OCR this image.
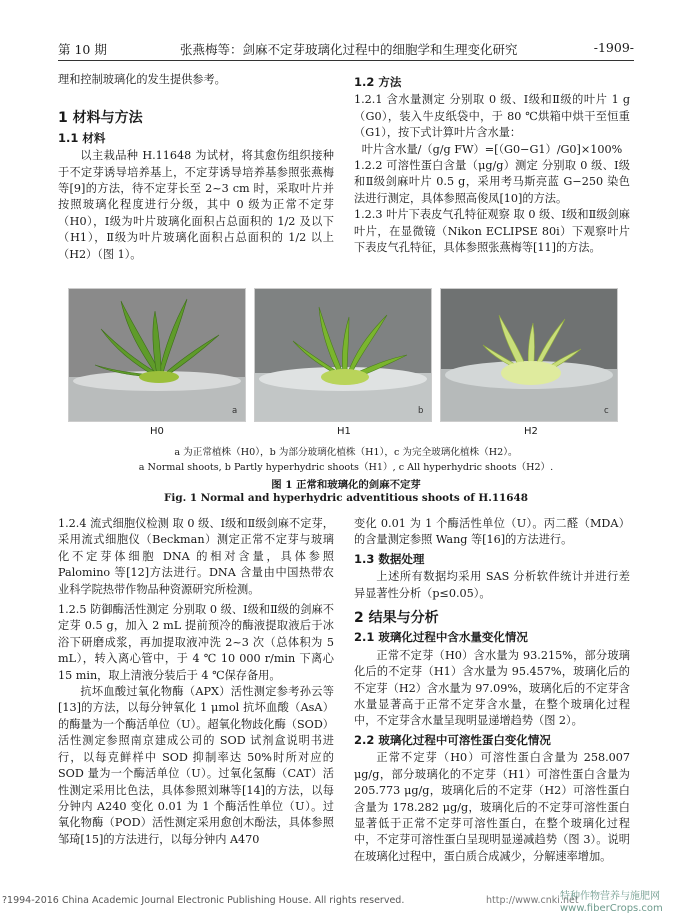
第 10 期	张燕梅等：剑麻不定芽玻璃化过程中的细胞学和生理变化研究	-1909-

理和控制玻璃化的发生提供参考。

1 材料与方法
1.1 材料

以主栽品种 H.11648 为试材，将其愈伤组织接种于不定芽诱导培养基上，不定芽诱导培养基参照张燕梅等[9]的方法，待不定芽长至 2~3 cm 时，采取叶片并按照玻璃化程度进行分级，其中 0 级为正常不定芽（H0），Ⅰ级为叶片玻璃化面积占总面积的 1/2 及以下（H1），Ⅱ级为叶片玻璃化面积占总面积的 1/2 以上（H2）（图 1）。

1.2 方法

1.2.1 含水量测定 分别取 0 级、Ⅰ级和Ⅱ级的叶片 1 g（G0），装入牛皮纸袋中，于 80 ℃烘箱中烘干至恒重（G1），按下式计算叶片含水量：

叶片含水量/（g/g FW）=[（G0−G1）/G0]×100%

1.2.2 可溶性蛋白含量（μg/g）测定 分别取 0 级、Ⅰ级和Ⅱ级剑麻叶片 0.5 g，采用考马斯亮蓝 G−250 染色法进行测定，具体参照高俊凤[10]的方法。

1.2.3 叶片下表皮气孔特征观察 取 0 级、Ⅰ级和Ⅱ级剑麻叶片，在显微镜（Nikon ECLIPSE 80i）下观察叶片下表皮气孔特征，具体参照张燕梅等[11]的方法。

a	b	c
H0	H1	H2
a 为正常植株（H0），b 为部分玻璃化植株（H1），c 为完全玻璃化植株（H2）。
a Normal shoots, b Partly hyperhydric shoots（H1）, c All hyperhydric shoots（H2）.
图 1 正常和玻璃化的剑麻不定芽
Fig. 1 Normal and hyperhydric adventitious shoots of H.11648

1.2.4 流式细胞仪检测 取 0 级、Ⅰ级和Ⅱ级剑麻不定芽，采用流式细胞仪（Beckman）测定正常不定芽与玻璃化不定芽体细胞 DNA 的相对含量，具体参照 Palomino 等[12]方法进行。DNA 含量由中国热带农业科学院热带作物品种资源研究所检测。

1.2.5 防御酶活性测定 分别取 0 级、Ⅰ级和Ⅱ级的剑麻不定芽 0.5 g，加入 2 mL 提前预冷的酶液提取液后于冰浴下研磨成浆，再加提取液冲洗 2~3 次（总体积为 5 mL），转入离心管中，于 4 ℃ 10 000 r/min 下离心 15 min，取上清液分装后于 4 ℃保存备用。

抗坏血酸过氧化物酶（APX）活性测定参考孙云等[13]的方法，以每分钟氧化 1 μmol 抗坏血酸（AsA）的酶量为一个酶活单位（U）。超氧化物歧化酶（SOD）活性测定参照南京建成公司的 SOD 试剂盒说明书进行，以每克鲜样中 SOD 抑制率达 50%时所对应的 SOD 量为一个酶活单位（U）。过氧化氢酶（CAT）活性测定采用比色法，具体参照刘琳等[14]的方法，以每分钟内 A240 变化 0.01 为 1 个酶活性单位（U）。过氧化物酶（POD）活性测定采用愈创木酚法，具体参照邹琦[15]的方法进行，以每分钟内 A470

变化 0.01 为 1 个酶活性单位（U）。丙二醛（MDA）的含量测定参照 Wang 等[16]的方法进行。

1.3 数据处理

上述所有数据均采用 SAS 分析软件统计并进行差异显著性分析（p≤0.05）。

2 结果与分析
2.1 玻璃化过程中含水量变化情况

正常不定芽（H0）含水量为 93.215%，部分玻璃化后的不定芽（H1）含水量为 95.457%，玻璃化后的不定芽（H2）含水量为 97.09%，玻璃化后的不定芽含水量显著高于正常不定芽含水量，在整个玻璃化过程中，不定芽含水量呈现明显递增趋势（图 2）。

2.2 玻璃化过程中可溶性蛋白变化情况

正常不定芽（H0）可溶性蛋白含量为 258.007 μg/g，部分玻璃化的不定芽（H1）可溶性蛋白含量为 205.773 μg/g，玻璃化后的不定芽（H2）可溶性蛋白含量为 178.282 μg/g，玻璃化后的不定芽可溶性蛋白显著低于正常不定芽可溶性蛋白，在整个玻璃化过程中，不定芽可溶性蛋白呈现明显递减趋势（图 3）。说明在玻璃化过程中，蛋白质合成减少，分解速率增加。

?1994-2016 China Academic Journal Electronic Publishing House. All rights reserved.	http://www.cnki.net
特种作物营养与施肥网
www.fiberCrops.com
